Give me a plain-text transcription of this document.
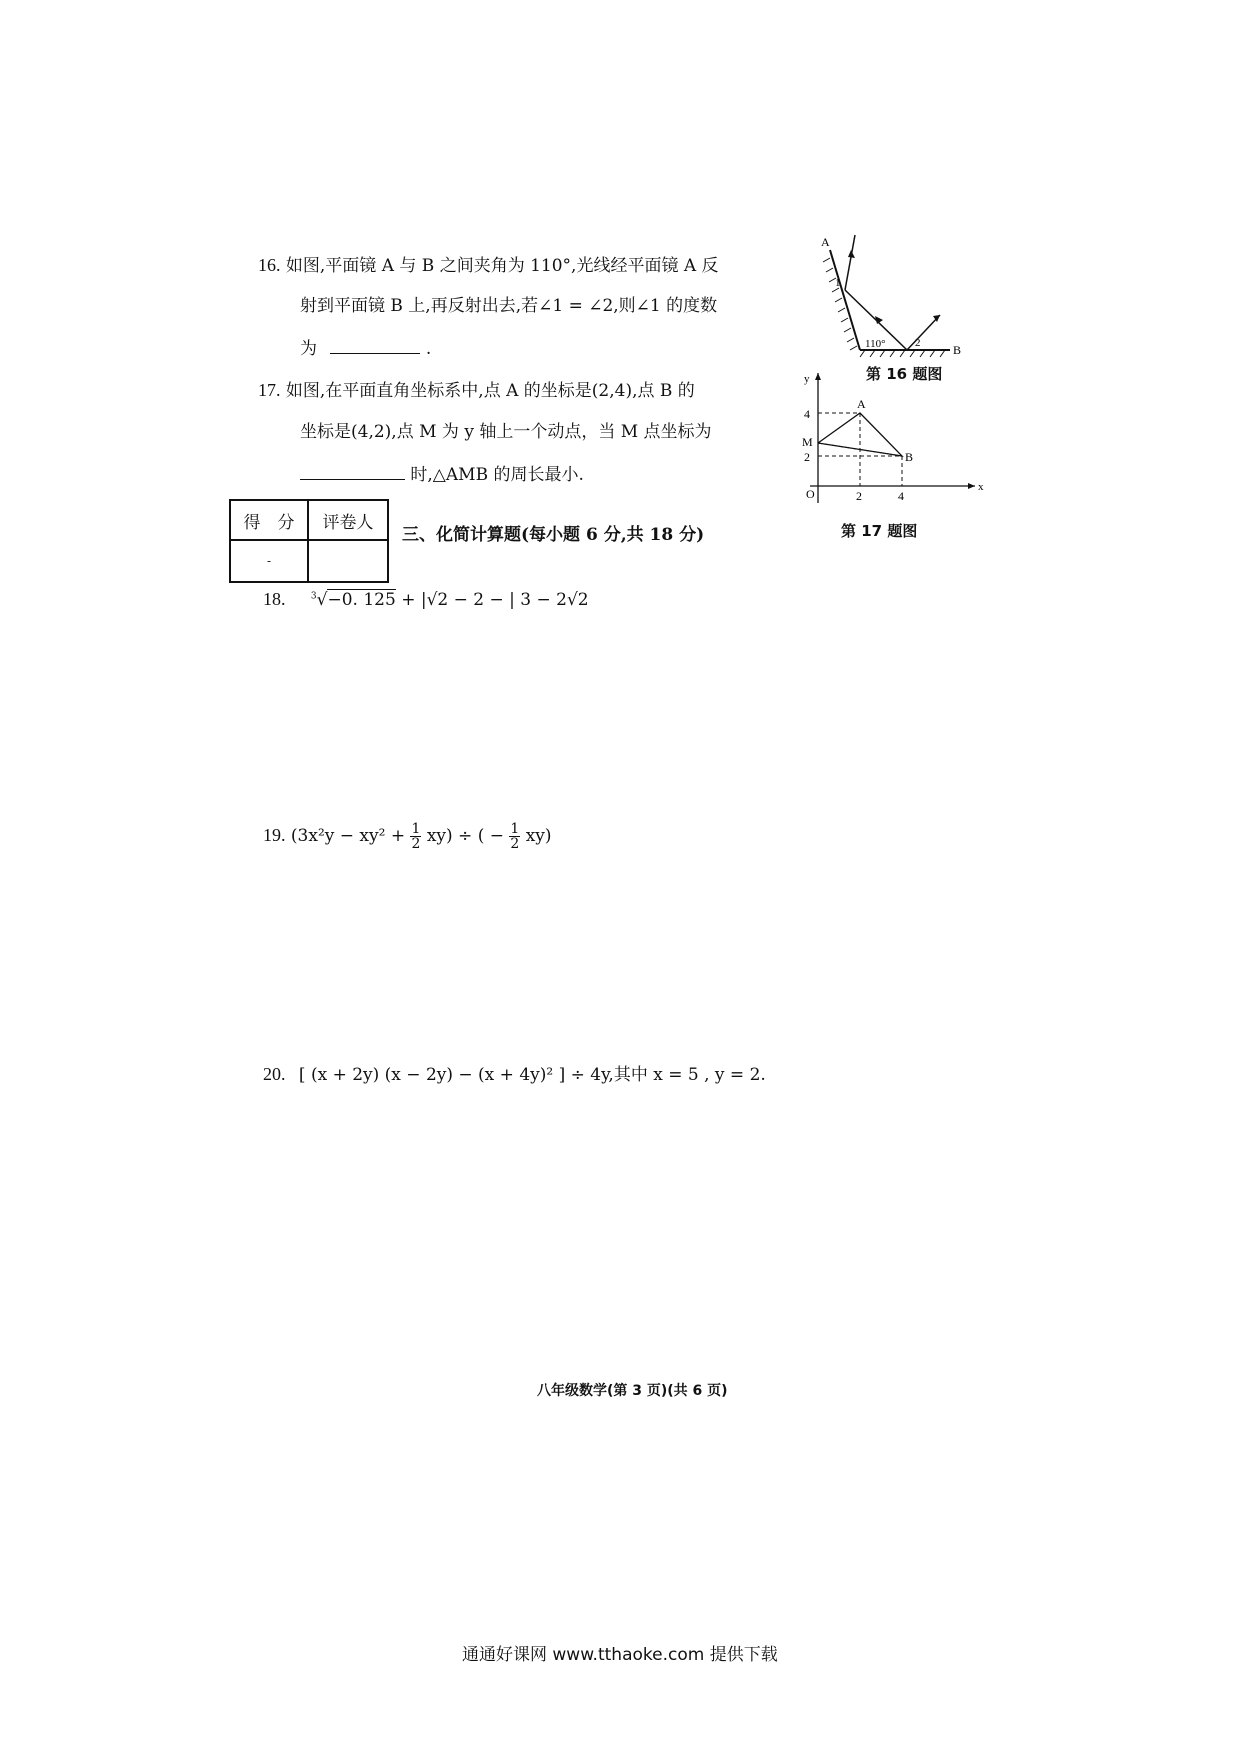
16. 如图,平面镜 A 与 B 之间夹角为 110°,光线经平面镜 A 反
射到平面镜 B 上,再反射出去,若∠1 = ∠2,则∠1 的度数
为	.
A
B
1
2
110°
第 16 题图
17. 如图,在平面直角坐标系中,点 A 的坐标是(2,4),点 B 的
坐标是(4,2),点 M 为 y 轴上一个动点，当 M 点坐标为
时,△AMB 的周长最小.
y
x
O
4
2
2	4
A
B
M
第 17 题图
得　分	评卷人
-	
三、化简计算题(每小题 6 分,共 18 分)
18.	$^3$√−0. 125 + |√2 − 2 − | 3 − 2√2
19. $(3x^2y - xy^2 + \frac{1}{2} xy)$ ÷ ( − $\frac{1}{2} xy$)
20. [ (x + 2y) (x − 2y) − (x + 4y)² ] ÷ 4y,其中 x = 5 , y = 2.
八年级数学(第 3 页)(共 6 页)
通通好课网 www.tthaoke.com 提供下载
